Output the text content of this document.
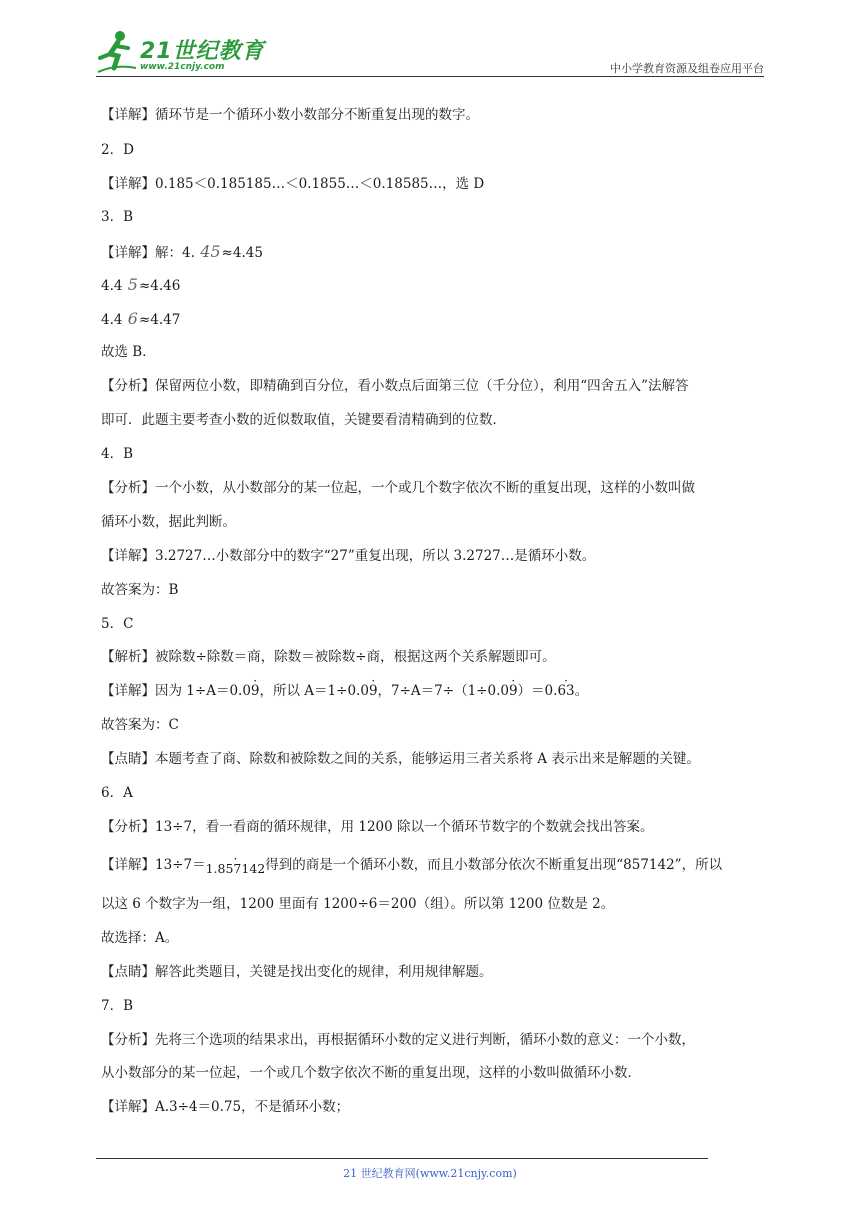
21世纪教育
www.21cnjy.com	中小学教育资源及组卷应用平台
【详解】循环节是一个循环小数小数部分不断重复出现的数字。
2．D
【详解】0.185＜0.185185…＜0.1855…＜0.18585…，选 D
3．B
【详解】解：4. 45≈4.45
4.4 5≈4.46
4.4 6≈4.47
故选 B．
【分析】保留两位小数，即精确到百分位，看小数点后面第三位（千分位），利用“四舍五入”法解答
即可．此题主要考查小数的近似数取值，关键要看清精确到的位数．
4．B
【分析】一个小数，从小数部分的某一位起，一个或几个数字依次不断的重复出现，这样的小数叫做
循环小数，据此判断。
【详解】3.2727…小数部分中的数字“27”重复出现，所以 3.2727…是循环小数。
故答案为：B
5．C
【解析】被除数÷除数＝商，除数＝被除数÷商，根据这两个关系解题即可。
【详解】因为 1÷A＝0.0· 9，所以 A＝1÷0.0· 9，7÷A＝7÷（1÷0.0· 9）＝0.· 63。
故答案为：C
【点睛】本题考查了商、除数和被除数之间的关系，能够运用三者关系将 A 表示出来是解题的关键。
6．A
【分析】13÷7，看一看商的循环规律，用 1200 除以一个循环节数字的个数就会找出答案。
【详解】13÷7＝· 1.857142得到的商是一个循环小数，而且小数部分依次不断重复出现“857142”，所以
以这 6 个数字为一组，1200 里面有 1200÷6＝200（组）。所以第 1200 位数是 2。
故选择：A。
【点睛】解答此类题目，关键是找出变化的规律，利用规律解题。
7．B
【分析】先将三个选项的结果求出，再根据循环小数的定义进行判断，循环小数的意义：一个小数，
从小数部分的某一位起，一个或几个数字依次不断的重复出现，这样的小数叫做循环小数．
【详解】A.3÷4＝0.75，不是循环小数；
21 世纪教育网(www.21cnjy.com)
